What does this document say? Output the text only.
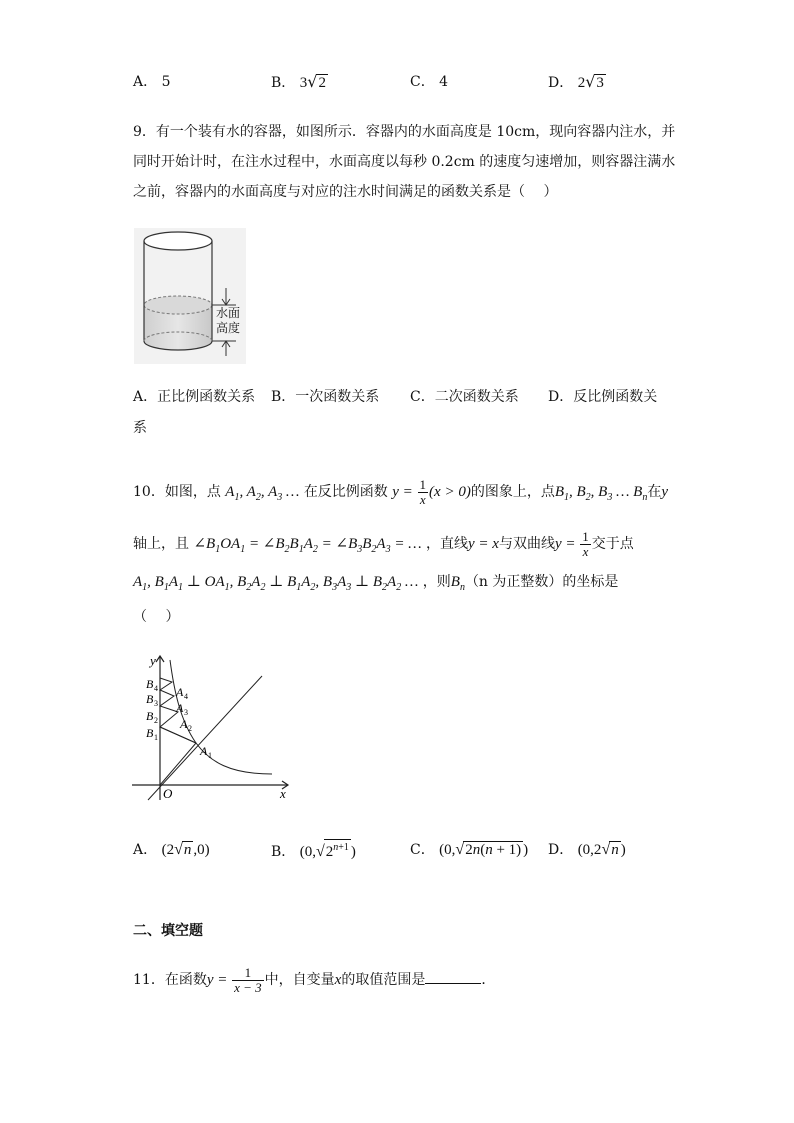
A． 5	B． 3√2	C． 4	D． 2√3
9．有一个装有水的容器，如图所示．容器内的水面高度是 10cm，现向容器内注水，并
同时开始计时，在注水过程中，水面高度以每秒 0.2cm 的速度匀速增加，则容器注满水
之前，容器内的水面高度与对应的注水时间满足的函数关系是（　 ）
水面
高度
A．正比例函数关系 B．一次函数关系 C．二次函数关系 D．反比例函数关
系
10．如图，点 $A_1$, $A_2$, $A_3$ … 在反比例函数 $y = \frac{1}{x} (x > 0)$的图象上，点$B_1$, $B_2$, $B_3$ … $B_n$在y
轴上，且 $\angle B_1OA_1$ = $\angle B_2B_1A_2$ = $\angle B_3B_2A_3$ = … ，直线y = x与双曲线$y = \frac{1}{x}$ 交于点
$A_1$, $B_1A_1$ ⊥ $OA_1$, $B_2A_2$ ⊥ $B_1A_2$, $B_3A_3$ ⊥ $B_2A_2$ … ，则$B_n(n$ 为正整数）的坐标是
（　 ）
y
x
O
B 4
B 3
B 2
B 1
A 4
A 3
A 2
A 1
A． (2√n ,0)	B． ($0,√2^{n+1}$ )	C． (0,√2n(n + 1) ) D． (0,2√n )
二、填空题
11．在函数$y = \frac{1}{x - 3}$ 中，自变量x的取值范围是	．
